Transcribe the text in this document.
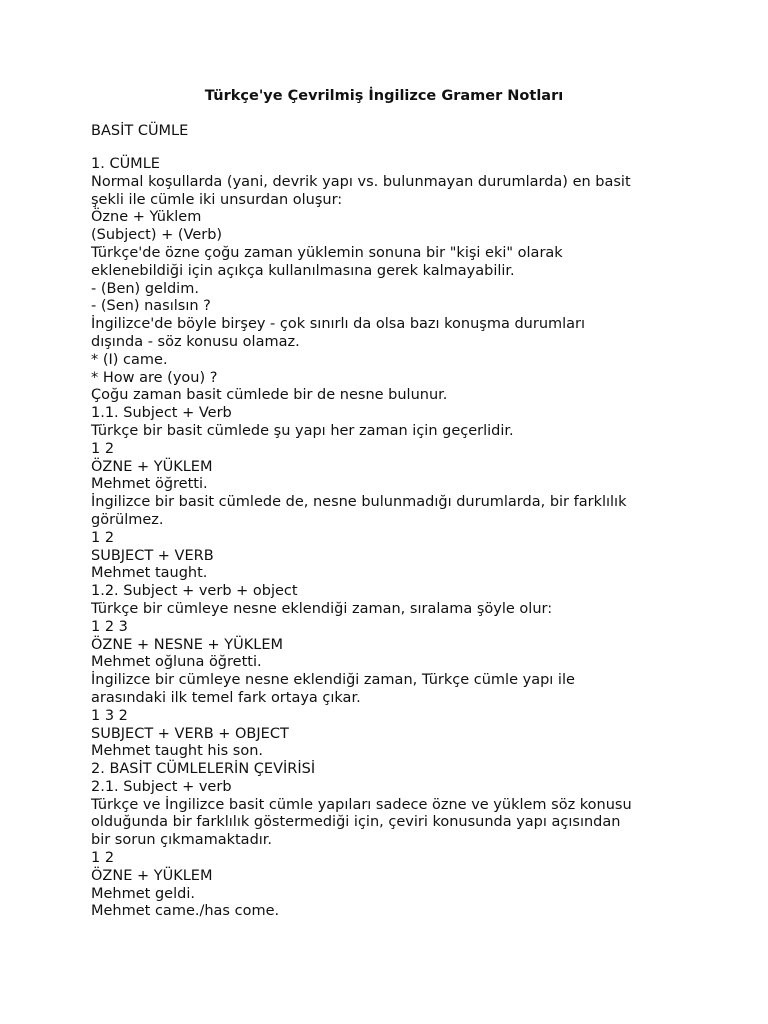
Türkçe'ye Çevrilmiş İngilizce Gramer Notları
BASİT CÜMLE
1. CÜMLE
Normal koşullarda (yani, devrik yapı vs. bulunmayan durumlarda) en basit
şekli ile cümle iki unsurdan oluşur:
Özne + Yüklem
(Subject) + (Verb)
Türkçe'de özne çoğu zaman yüklemin sonuna bir "kişi eki" olarak
eklenebildiği için açıkça kullanılmasına gerek kalmayabilir.
- (Ben) geldim.
- (Sen) nasılsın ?
İngilizce'de böyle birşey - çok sınırlı da olsa bazı konuşma durumları
dışında - söz konusu olamaz.
* (I) came.
* How are (you) ?
Çoğu zaman basit cümlede bir de nesne bulunur.
1.1. Subject + Verb
Türkçe bir basit cümlede şu yapı her zaman için geçerlidir.
1 2
ÖZNE + YÜKLEM
Mehmet öğretti.
İngilizce bir basit cümlede de, nesne bulunmadığı durumlarda, bir farklılık
görülmez.
1 2
SUBJECT + VERB
Mehmet taught.
1.2. Subject + verb + object
Türkçe bir cümleye nesne eklendiği zaman, sıralama şöyle olur:
1 2 3
ÖZNE + NESNE + YÜKLEM
Mehmet oğluna öğretti.
İngilizce bir cümleye nesne eklendiği zaman, Türkçe cümle yapı ile
arasındaki ilk temel fark ortaya çıkar.
1 3 2
SUBJECT + VERB + OBJECT
Mehmet taught his son.
2. BASİT CÜMLELERİN ÇEVİRİSİ
2.1. Subject + verb
Türkçe ve İngilizce basit cümle yapıları sadece özne ve yüklem söz konusu
olduğunda bir farklılık göstermediği için, çeviri konusunda yapı açısından
bir sorun çıkmamaktadır.
1 2
ÖZNE + YÜKLEM
Mehmet geldi.
Mehmet came./has come.
